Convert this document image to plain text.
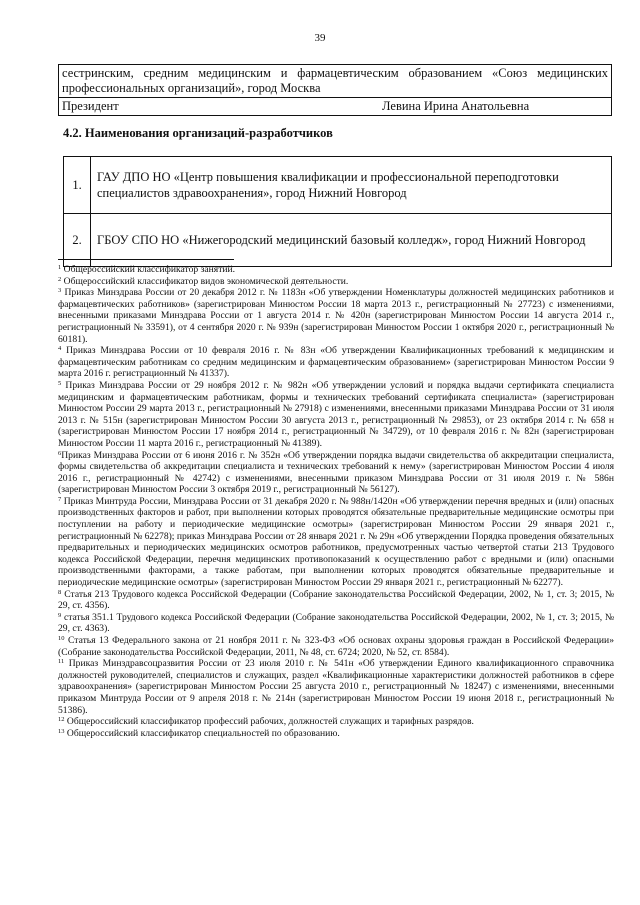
39
сестринским, средним медицинским и фармацевтическим образованием «Союз медицинских профессиональных организаций», город Москва
Президент	Левина Ирина Анатольевна
4.2. Наименования организаций-разработчиков
1.	ГАУ ДПО НО «Центр повышения квалификации и профессиональной переподготовки специалистов здравоохранения», город Нижний Новгород
2.	ГБОУ СПО НО «Нижегородский медицинский базовый колледж», город Нижний Новгород

$^1$ Общероссийский классификатор занятий.

$^2$ Общероссийский классификатор видов экономической деятельности.

$^3$ Приказ Минздрава России от 20 декабря 2012 г. № 1183н «Об утверждении Номенклатуры должностей медицинских работников и фармацевтических работников» (зарегистрирован Минюстом России 18 марта 2013 г., регистрационный № 27723) с изменениями, внесенными приказами Минздрава России от 1 августа 2014 г. № 420н (зарегистрирован Минюстом России 14 августа 2014 г., регистрационный № 33591), от 4 сентября 2020 г. № 939н (зарегистрирован Минюстом России 1 октября 2020 г., регистрационный № 60181).

$^4$ Приказ Минздрава России от 10 февраля 2016 г. № 83н «Об утверждении Квалификационных требований к медицинским и фармацевтическим работникам со средним медицинским и фармацевтическим образованием» (зарегистрирован Минюстом России 9 марта 2016 г. регистрационный № 41337).

$^5$ Приказ Минздрава России от 29 ноября 2012 г. № 982н «Об утверждении условий и порядка выдачи сертификата специалиста медицинским и фармацевтическим работникам, формы и технических требований сертификата специалиста» (зарегистрирован Минюстом России 29 марта 2013 г., регистрационный № 27918) с изменениями, внесенными приказами Минздрава России от 31 июля 2013 г. № 515н (зарегистрирован Минюстом России 30 августа 2013 г., регистрационный № 29853), от 23 октября 2014 г. № 658 н (зарегистрирован Минюстом России 17 ноября 2014 г., регистрационный № 34729), от 10 февраля 2016 г. № 82н (зарегистрирован Минюстом России 11 марта 2016 г., регистрационный № 41389).

$^6$Приказ Минздрава России от 6 июня 2016 г. № 352н «Об утверждении порядка выдачи свидетельства об аккредитации специалиста, формы свидетельства об аккредитации специалиста и технических требований к нему» (зарегистрирован Минюстом России 4 июля 2016 г., регистрационный № 42742) с изменениями, внесенными приказом Минздрава России от 31 июля 2019 г. № 586н (зарегистрирован Минюстом России 3 октября 2019 г., регистрационный № 56127).

$^7$ Приказ Минтруда России, Минздрава России от 31 декабря 2020 г. № 988н/1420н «Об утверждении перечня вредных и (или) опасных производственных факторов и работ, при выполнении которых проводятся обязательные предварительные медицинские осмотры при поступлении на работу и периодические медицинские осмотры» (зарегистрирован Минюстом России 29 января 2021 г., регистрационный № 62278); приказ Минздрава России от 28 января 2021 г. № 29н «Об утверждении Порядка проведения обязательных предварительных и периодических медицинских осмотров работников, предусмотренных частью четвертой статьи 213 Трудового кодекса Российской Федерации, перечня медицинских противопоказаний к осуществлению работ с вредными и (или) опасными производственными факторами, а также работам, при выполнении которых проводятся обязательные предварительные и периодические медицинские осмотры» (зарегистрирован Минюстом России 29 января 2021 г., регистрационный № 62277).

$^8$ Статья 213 Трудового кодекса Российской Федерации (Собрание законодательства Российской Федерации, 2002, № 1, ст. 3; 2015, № 29, ст. 4356).

$^9$ статья 351.1 Трудового кодекса Российской Федерации (Собрание законодательства Российской Федерации, 2002, № 1, ст. 3; 2015, № 29, ст. 4363).

$^{10}$ Статья 13 Федерального закона от 21 ноября 2011 г. № 323-ФЗ «Об основах охраны здоровья граждан в Российской Федерации» (Собрание законодательства Российской Федерации, 2011, № 48, ст. 6724; 2020, № 52, ст. 8584).

$^{11}$ Приказ Минздравсоцразвития России от 23 июля 2010 г. № 541н «Об утверждении Единого квалификационного справочника должностей руководителей, специалистов и служащих, раздел «Квалификационные характеристики должностей работников в сфере здравоохранения» (зарегистрирован Минюстом России 25 августа 2010 г., регистрационный № 18247) с изменениями, внесенными приказом Минтруда России от 9 апреля 2018 г. № 214н (зарегистрирован Минюстом России 19 июня 2018 г., регистрационный № 51386).

$^{12}$ Общероссийский классификатор профессий рабочих, должностей служащих и тарифных разрядов.

$^{13}$ Общероссийский классификатор специальностей по образованию.
